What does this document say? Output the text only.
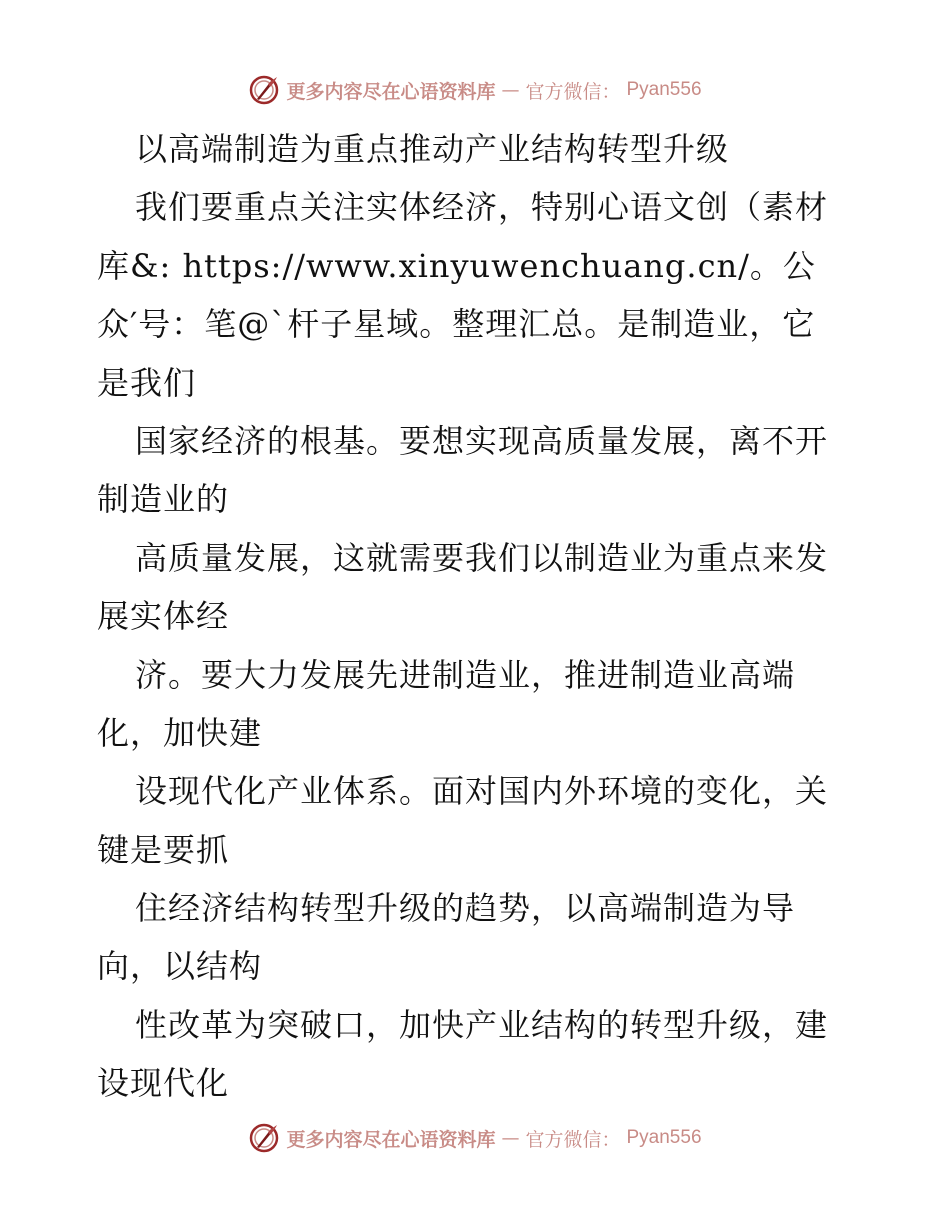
更多内容尽在心语资料库 — 官方微信： Pyan556
以高端制造为重点推动产业结构转型升级
我们要重点关注实体经济，特别心语文创（素材
库&: https://www.xinyuwenchuang.cn/。公
众′号：笔@`杆子星域。整理汇总。是制造业，它
是我们
国家经济的根基。要想实现高质量发展，离不开
制造业的
高质量发展，这就需要我们以制造业为重点来发
展实体经
济。要大力发展先进制造业，推进制造业高端
化，加快建
设现代化产业体系。面对国内外环境的变化，关
键是要抓
住经济结构转型升级的趋势，以高端制造为导
向，以结构
性改革为突破口，加快产业结构的转型升级，建
设现代化
更多内容尽在心语资料库 — 官方微信： Pyan556
